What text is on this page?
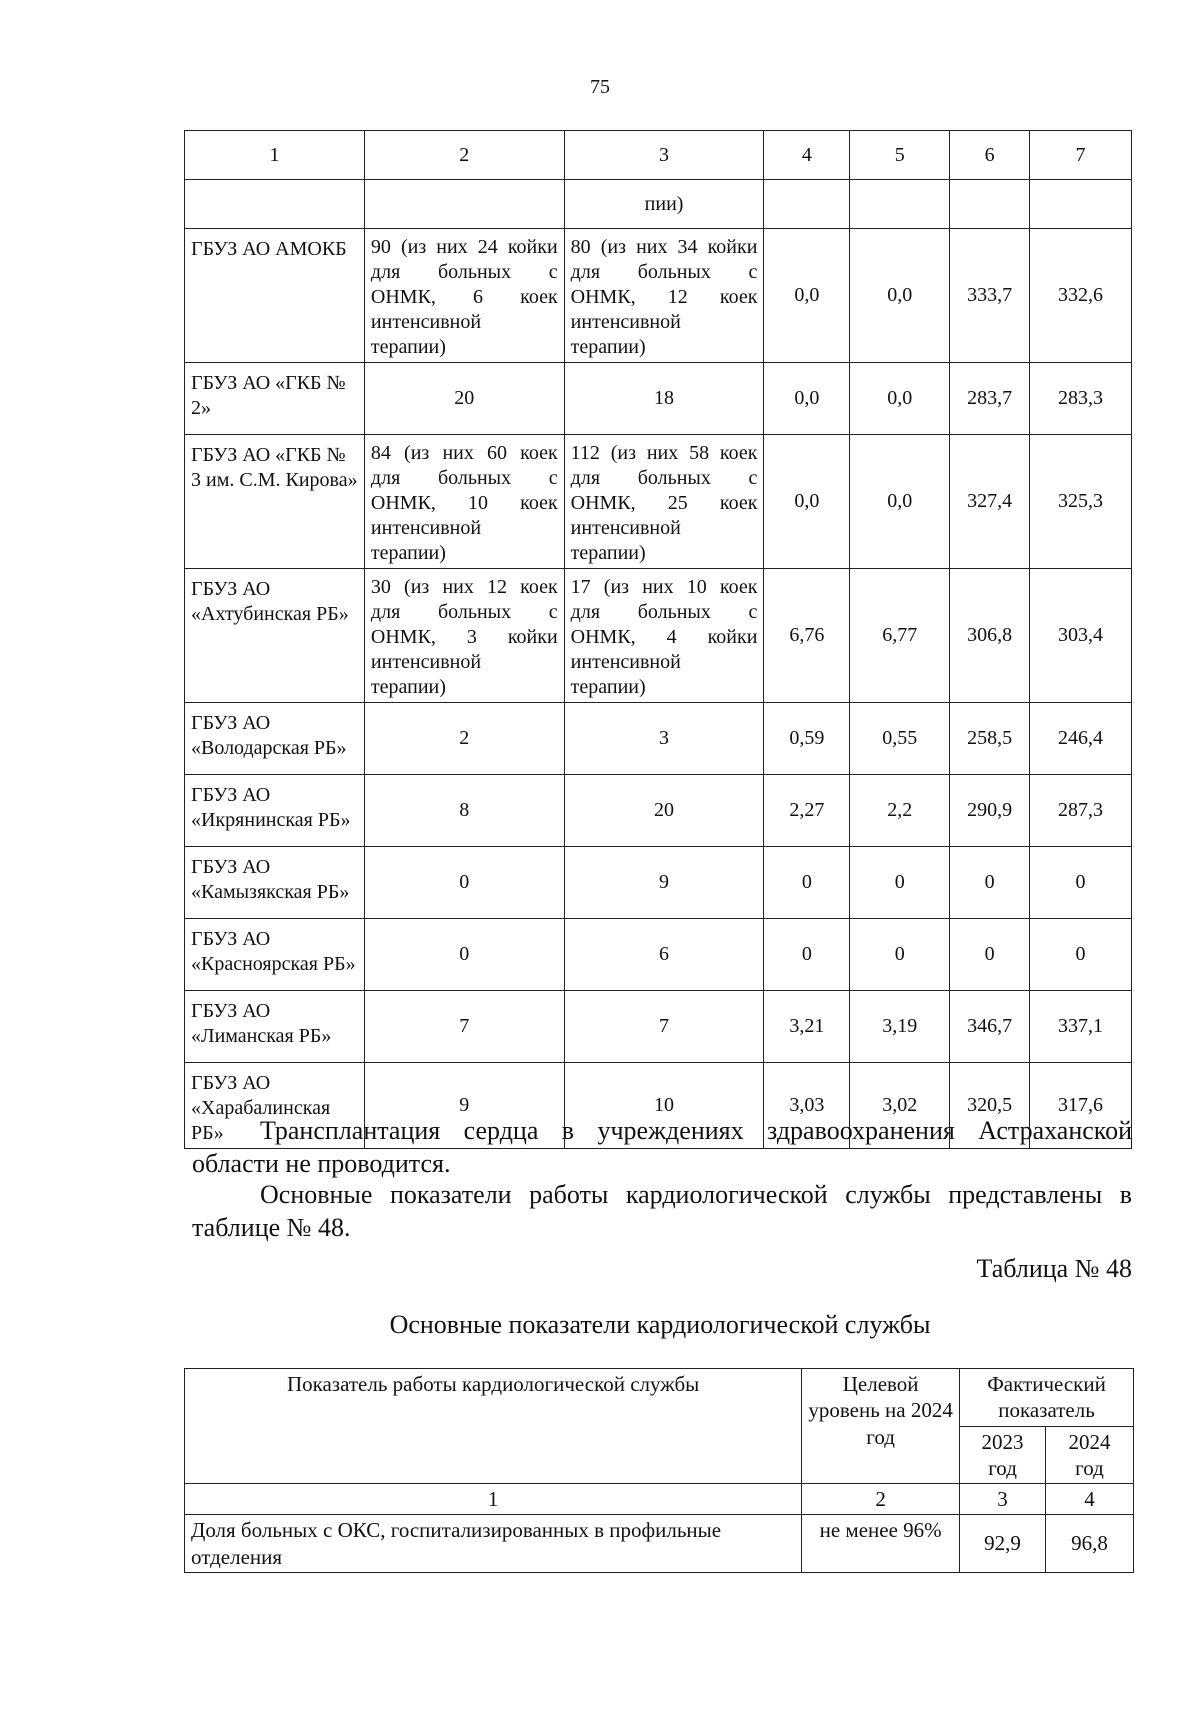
75
1	2	3	4	5	6	7
		пии)				
ГБУЗ АО АМОКБ	90 (из них 24 койки для больных с ОНМК, 6 коек интенсивной терапии)	80 (из них 34 койки для больных с ОНМК, 12 коек интенсивной терапии)	0,0	0,0	333,7	332,6
ГБУЗ АО «ГКБ № 2»	20	18	0,0	0,0	283,7	283,3
ГБУЗ АО «ГКБ № 3 им. С.М. Кирова»	84 (из них 60 коек для больных с ОНМК, 10 коек интенсивной терапии)	112 (из них 58 коек для больных с ОНМК, 25 коек интенсивной терапии)	0,0	0,0	327,4	325,3
ГБУЗ АО «Ахтубинская РБ»	30 (из них 12 коек для больных с ОНМК, 3 койки интенсивной терапии)	17 (из них 10 коек для больных с ОНМК, 4 койки интенсивной терапии)	6,76	6,77	306,8	303,4
ГБУЗ АО «Володарская РБ»	2	3	0,59	0,55	258,5	246,4
ГБУЗ АО «Икрянинская РБ»	8	20	2,27	2,2	290,9	287,3
ГБУЗ АО «Камызякская РБ»	0	9	0	0	0	0
ГБУЗ АО «Красноярская РБ»	0	6	0	0	0	0
ГБУЗ АО «Лиманская РБ»	7	7	3,21	3,19	346,7	337,1
ГБУЗ АО «Харабалинская РБ»	9	10	3,03	3,02	320,5	317,6
Трансплантация сердца в учреждениях здравоохранения Астраханской области не проводится.
Основные показатели работы кардиологической службы представлены в таблице № 48.
Таблица № 48
Основные показатели кардиологической службы
Показатель работы кардиологической службы	Целевой уровень на 2024 год	Фактический показатель	
		2023 год	2024 год
1	2	3	4
Доля больных с ОКС, госпитализированных в профильные отделения	не менее 96%	92,9	96,8
